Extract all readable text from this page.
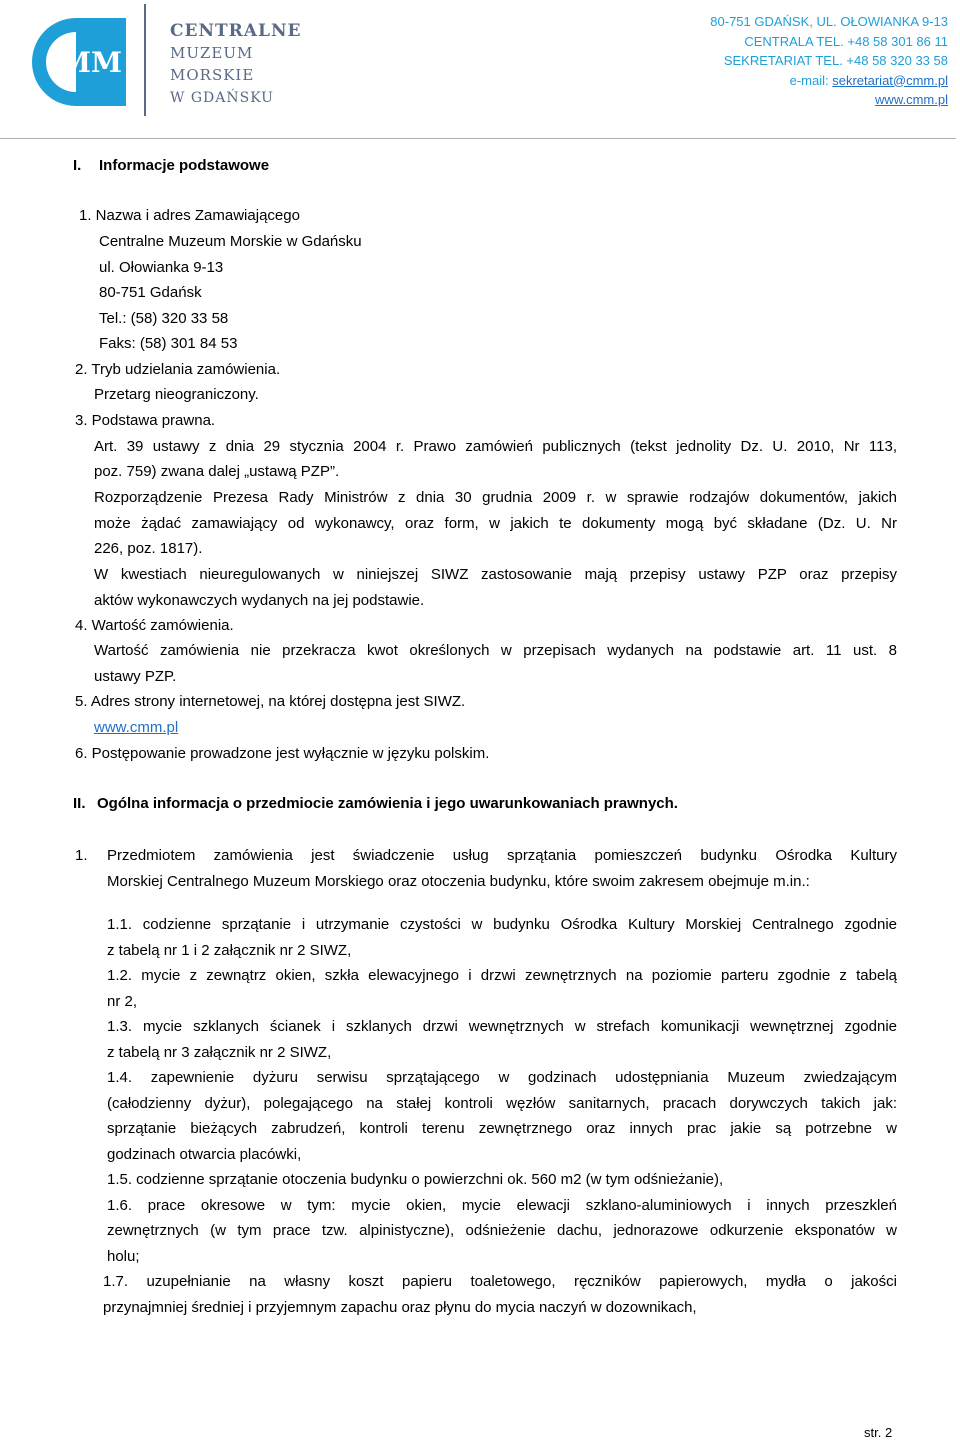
MM
CENTRALNE
MUZEUM
MORSKIE
W GDAŃSKU
80-751 GDAŃSK, UL. OŁOWIANKA 9-13
CENTRALA TEL. +48 58 301 86 11
SEKRETARIAT TEL. +48 58 320 33 58
e-mail: sekretariat@cmm.pl
www.cmm.pl
I. Informacje podstawowe
1. Nazwa i adres Zamawiającego
Centralne Muzeum Morskie w Gdańsku
ul. Ołowianka 9-13
80-751 Gdańsk
Tel.: (58) 320 33 58
Faks: (58) 301 84 53
2. Tryb udzielania zamówienia.
Przetarg nieograniczony.
3. Podstawa prawna.
Art. 39 ustawy z dnia 29 stycznia 2004 r. Prawo zamówień publicznych (tekst jednolity Dz. U. 2010, Nr 113,
poz. 759) zwana dalej „ustawą PZP”.
Rozporządzenie Prezesa Rady Ministrów z dnia 30 grudnia 2009 r. w sprawie rodzajów dokumentów, jakich
może żądać zamawiający od wykonawcy, oraz form, w jakich te dokumenty mogą być składane (Dz. U. Nr
226, poz. 1817).
W kwestiach nieuregulowanych w niniejszej SIWZ zastosowanie mają przepisy ustawy PZP oraz przepisy
aktów wykonawczych wydanych na jej podstawie.
4. Wartość zamówienia.
Wartość zamówienia nie przekracza kwot określonych w przepisach wydanych na podstawie art. 11 ust. 8
ustawy PZP.
5. Adres strony internetowej, na której dostępna jest SIWZ.
www.cmm.pl
6. Postępowanie prowadzone jest wyłącznie w języku polskim.
II. Ogólna informacja o przedmiocie zamówienia i jego uwarunkowaniach prawnych.
1. Przedmiotem zamówienia jest świadczenie usług sprzątania pomieszczeń budynku Ośrodka Kultury
Morskiej Centralnego Muzeum Morskiego oraz otoczenia budynku, które swoim zakresem obejmuje m.in.:
1.1. codzienne sprzątanie i utrzymanie czystości w budynku Ośrodka Kultury Morskiej Centralnego zgodnie
z tabelą nr 1 i 2 załącznik nr 2 SIWZ,
1.2. mycie z zewnątrz okien, szkła elewacyjnego i drzwi zewnętrznych na poziomie parteru zgodnie z tabelą
nr 2,
1.3. mycie szklanych ścianek i szklanych drzwi wewnętrznych w strefach komunikacji wewnętrznej zgodnie
z tabelą nr 3 załącznik nr 2 SIWZ,
1.4. zapewnienie dyżuru serwisu sprzątającego w godzinach udostępniania Muzeum zwiedzającym
(całodzienny dyżur), polegającego na stałej kontroli węzłów sanitarnych, pracach dorywczych takich jak:
sprzątanie bieżących zabrudzeń, kontroli terenu zewnętrznego oraz innych prac jakie są potrzebne w
godzinach otwarcia placówki,
1.5. codzienne sprzątanie otoczenia budynku o powierzchni ok. 560 m2 (w tym odśnieżanie),
1.6. prace okresowe w tym: mycie okien, mycie elewacji szklano-aluminiowych i innych przeszkleń
zewnętrznych (w tym prace tzw. alpinistyczne), odśnieżenie dachu, jednorazowe odkurzenie eksponatów w
holu;
1.7. uzupełnianie na własny koszt papieru toaletowego, ręczników papierowych, mydła o jakości
przynajmniej średniej i przyjemnym zapachu oraz płynu do mycia naczyń w dozownikach,
str. 2
